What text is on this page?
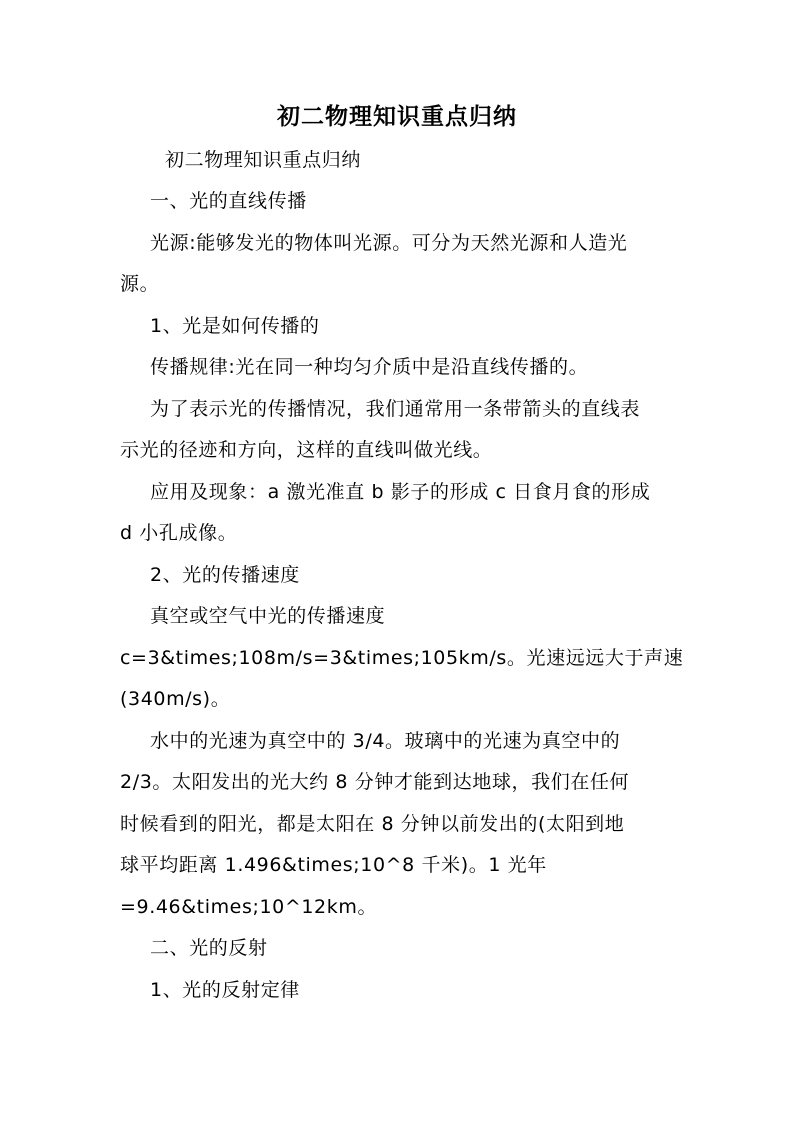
初二物理知识重点归纳
初二物理知识重点归纳
一、光的直线传播
光源:能够发光的物体叫光源。可分为天然光源和人造光
源。
1、光是如何传播的
传播规律:光在同一种均匀介质中是沿直线传播的。
为了表示光的传播情况，我们通常用一条带箭头的直线表
示光的径迹和方向，这样的直线叫做光线。
应用及现象：a 激光准直 b 影子的形成 c 日食月食的形成
d 小孔成像。
2、光的传播速度
真空或空气中光的传播速度
c=3&times;108m/s=3&times;105km/s。光速远远大于声速
(340m/s)。
水中的光速为真空中的 3/4。玻璃中的光速为真空中的
2/3。太阳发出的光大约 8 分钟才能到达地球，我们在任何
时候看到的阳光，都是太阳在 8 分钟以前发出的(太阳到地
球平均距离 1.496&times;10^8 千米)。1 光年
=9.46&times;10^12km。
二、光的反射
1、光的反射定律
